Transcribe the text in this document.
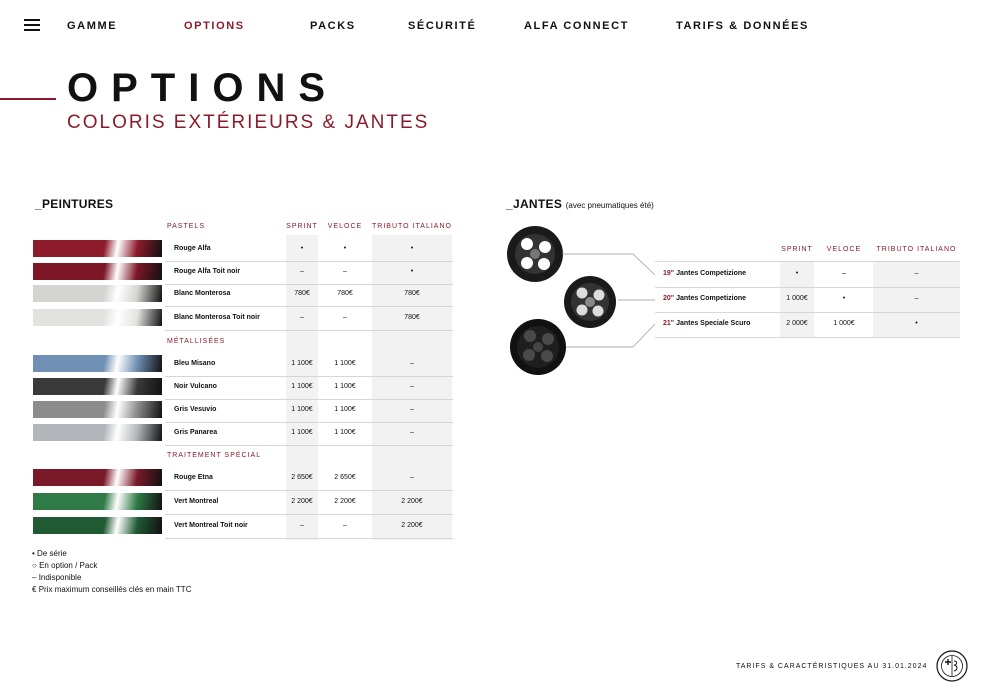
GAMME	OPTIONS	PACKS	SÉCURITÉ	ALFA CONNECT	TARIFS & DONNÉES
OPTIONS
COLORIS EXTÉRIEURS & JANTES
_PEINTURES
SPRINT VELOCE TRIBUTO ITALIANO
PASTELS
Rouge Alfa	•	•	•
Rouge Alfa Toit noir	–	–	•
Blanc Monterosa	780€	780€	780€
Blanc Monterosa Toit noir	–	–	780€
MÉTALLISÉES
Bleu Misano	1 100€	1 100€	–
Noir Vulcano	1 100€	1 100€	–
Gris Vesuvio	1 100€	1 100€	–
Gris Panarea	1 100€	1 100€	–
TRAITEMENT SPÉCIAL
Rouge Etna	2 650€	2 650€	–
Vert Montreal	2 200€	2 200€	2 200€
Vert Montreal Toit noir	–	–	2 200€
_JANTES (avec pneumatiques été)
SPRINT	VELOCE	TRIBUTO ITALIANO
19" Jantes Competizione	•	–	–
20" Jantes Competizione	1 000€	•	–
21" Jantes Speciale Scuro	2 000€	1 000€	•
• De série
○ En option / Pack
– Indisponible
€ Prix maximum conseillés clés en main TTC
TARIFS & CARACTÉRISTIQUES AU 31.01.2024
